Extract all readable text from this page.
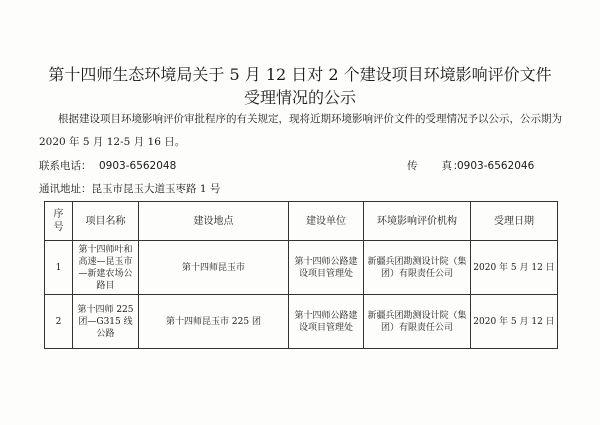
第十四师生态环境局关于 5 月 12 日对 2 个建设项目环境影响评价文件
受理情况的公示
根据建设项目环境影响评价审批程序的有关规定，现将近期环境影响评价文件的受理情况予以公示，公示期为
2020 年 5 月 12-5 月 16 日。
联系电话： 0903-6562048	传　　真：
0903-6562046
通讯地址：昆玉市昆玉大道玉枣路 1 号
序
号	项目名称	建设地点	建设单位	环境影响评价机构	受理日期
1	第十四师叶和高速—昆玉市—新建农场公路目	第十四师昆玉市	第十四师公路建设项目管理处	新疆兵团勘测设计院（集团）有限责任公司	2020 年 5 月 12 日
2	第十四师 225 团—G315 线公路	第十四师昆玉市 225 团	第十四师公路建设项目管理处	新疆兵团勘测设计院（集团）有限责任公司	2020 年 5 月 12 日
